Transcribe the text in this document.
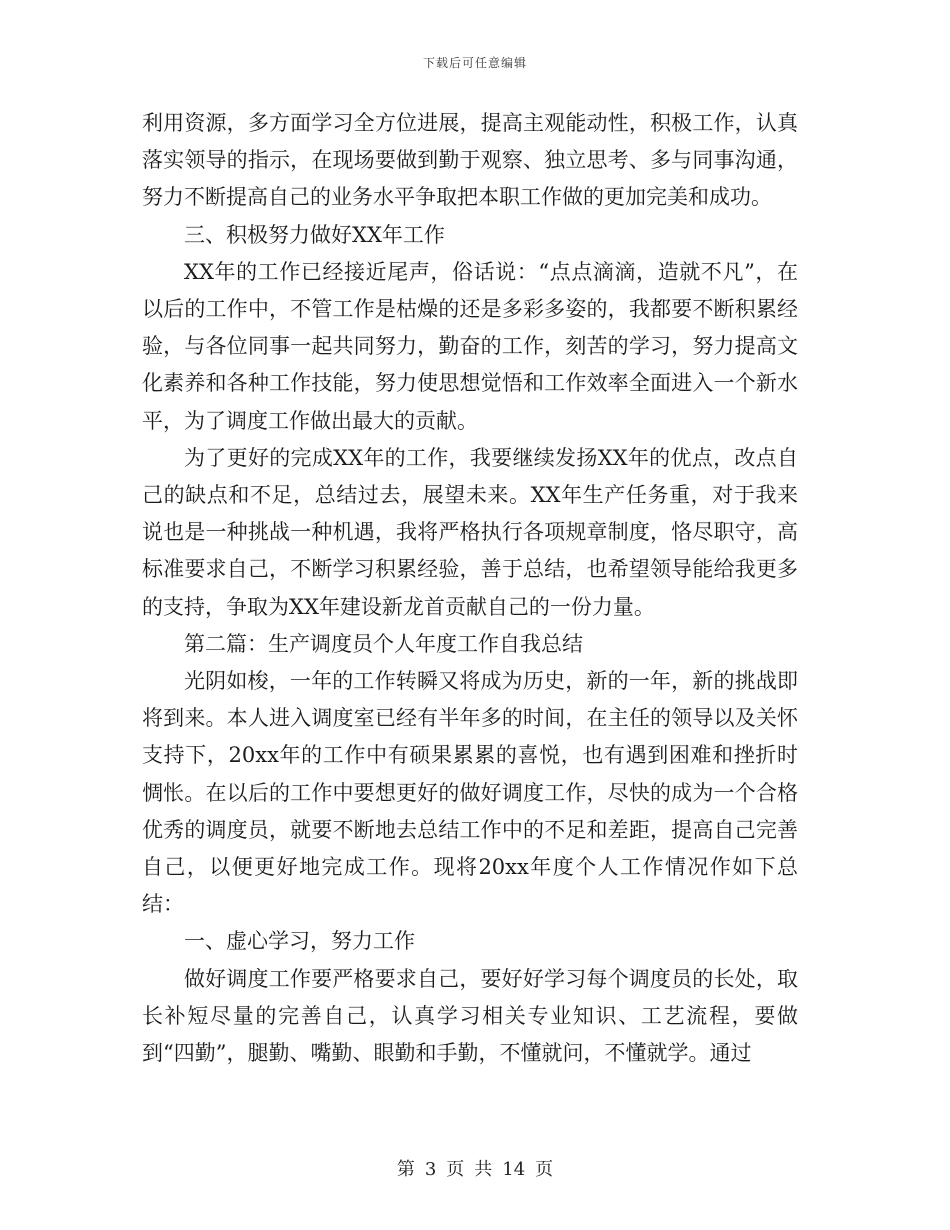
下载后可任意编辑

利用资源，多方面学习全方位进展，提高主观能动性，积极工作，认真落实领导的指示，在现场要做到勤于观察、独立思考、多与同事沟通，努力不断提高自己的业务水平争取把本职工作做的更加完美和成功。

三、积极努力做好XX年工作

XX年的工作已经接近尾声，俗话说：“点点滴滴，造就不凡”，在以后的工作中，不管工作是枯燥的还是多彩多姿的，我都要不断积累经验，与各位同事一起共同努力，勤奋的工作，刻苦的学习，努力提高文化素养和各种工作技能，努力使思想觉悟和工作效率全面进入一个新水平，为了调度工作做出最大的贡献。

为了更好的完成XX年的工作，我要继续发扬XX年的优点，改点自己的缺点和不足，总结过去，展望未来。XX年生产任务重，对于我来说也是一种挑战一种机遇，我将严格执行各项规章制度，恪尽职守，高标准要求自己，不断学习积累经验，善于总结，也希望领导能给我更多的支持，争取为XX年建设新龙首贡献自己的一份力量。

第二篇：生产调度员个人年度工作自我总结

光阴如梭，一年的工作转瞬又将成为历史，新的一年，新的挑战即将到来。本人进入调度室已经有半年多的时间，在主任的领导以及关怀支持下，20xx年的工作中有硕果累累的喜悦，也有遇到困难和挫折时惆怅。在以后的工作中要想更好的做好调度工作，尽快的成为一个合格优秀的调度员，就要不断地去总结工作中的不足和差距，提高自己完善自己，以便更好地完成工作。现将20xx年度个人工作情况作如下总结：

一、虚心学习，努力工作

做好调度工作要严格要求自己，要好好学习每个调度员的长处，取长补短尽量的完善自己，认真学习相关专业知识、工艺流程，要做到“四勤”，腿勤、嘴勤、眼勤和手勤，不懂就问，不懂就学。通过

第 3 页 共 14 页
